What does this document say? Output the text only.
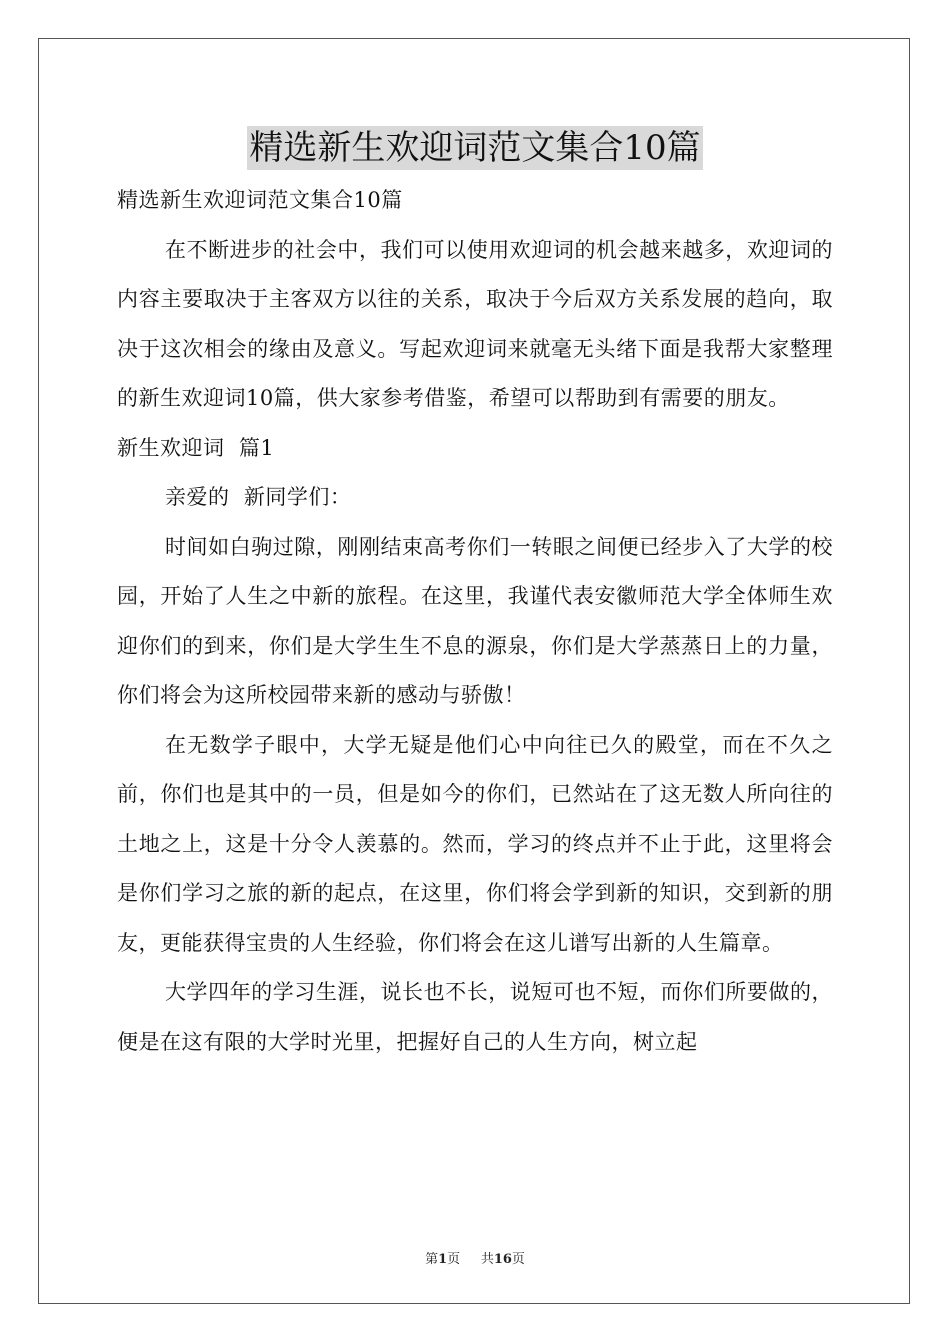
精选新生欢迎词范文集合10篇
精选新生欢迎词范文集合10篇

在不断进步的社会中，我们可以使用欢迎词的机会越来越多，欢迎词的内容主要取决于主客双方以往的关系，取决于今后双方关系发展的趋向，取决于这次相会的缘由及意义。写起欢迎词来就毫无头绪下面是我帮大家整理的新生欢迎词10篇，供大家参考借鉴，希望可以帮助到有需要的朋友。

新生欢迎词  篇1
亲爱的  新同学们：

时间如白驹过隙，刚刚结束高考你们一转眼之间便已经步入了大学的校园，开始了人生之中新的旅程。在这里，我谨代表安徽师范大学全体师生欢迎你们的到来，你们是大学生生不息的源泉，你们是大学蒸蒸日上的力量，你们将会为这所校园带来新的感动与骄傲！

在无数学子眼中，大学无疑是他们心中向往已久的殿堂，而在不久之前，你们也是其中的一员，但是如今的你们，已然站在了这无数人所向往的土地之上，这是十分令人羡慕的。然而，学习的终点并不止于此，这里将会是你们学习之旅的新的起点，在这里，你们将会学到新的知识，交到新的朋友，更能获得宝贵的人生经验，你们将会在这儿谱写出新的人生篇章。

大学四年的学习生涯，说长也不长，说短可也不短，而你们所要做的，便是在这有限的大学时光里，把握好自己的人生方向，树立起

第1页 共16页
